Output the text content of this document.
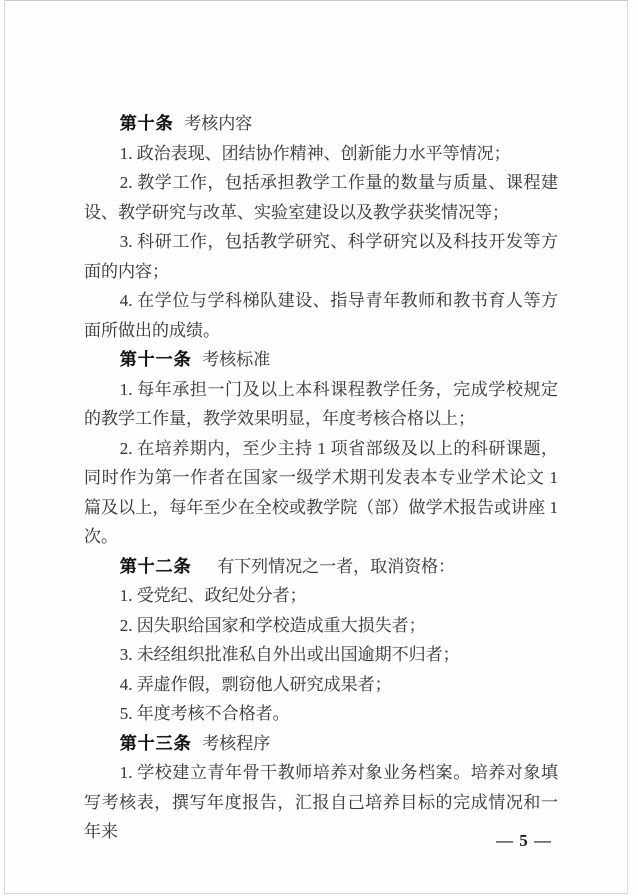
第十条 考核内容

1. 政治表现、团结协作精神、创新能力水平等情况；

2. 教学工作，包括承担教学工作量的数量与质量、课程建设、教学研究与改革、实验室建设以及教学获奖情况等；

3. 科研工作，包括教学研究、科学研究以及科技开发等方面的内容；

4. 在学位与学科梯队建设、指导青年教师和教书育人等方面所做出的成绩。

第十一条 考核标准

1. 每年承担一门及以上本科课程教学任务，完成学校规定的教学工作量，教学效果明显，年度考核合格以上；

2. 在培养期内，至少主持 1 项省部级及以上的科研课题，同时作为第一作者在国家一级学术期刊发表本专业学术论文 1 篇及以上，每年至少在全校或教学院（部）做学术报告或讲座 1 次。

第十二条 有下列情况之一者，取消资格：

1. 受党纪、政纪处分者；

2. 因失职给国家和学校造成重大损失者；

3. 未经组织批准私自外出或出国逾期不归者；

4. 弄虚作假，剽窃他人研究成果者；

5. 年度考核不合格者。

第十三条 考核程序

1. 学校建立青年骨干教师培养对象业务档案。培养对象填写考核表，撰写年度报告，汇报自己培养目标的完成情况和一年来	— 5 —
